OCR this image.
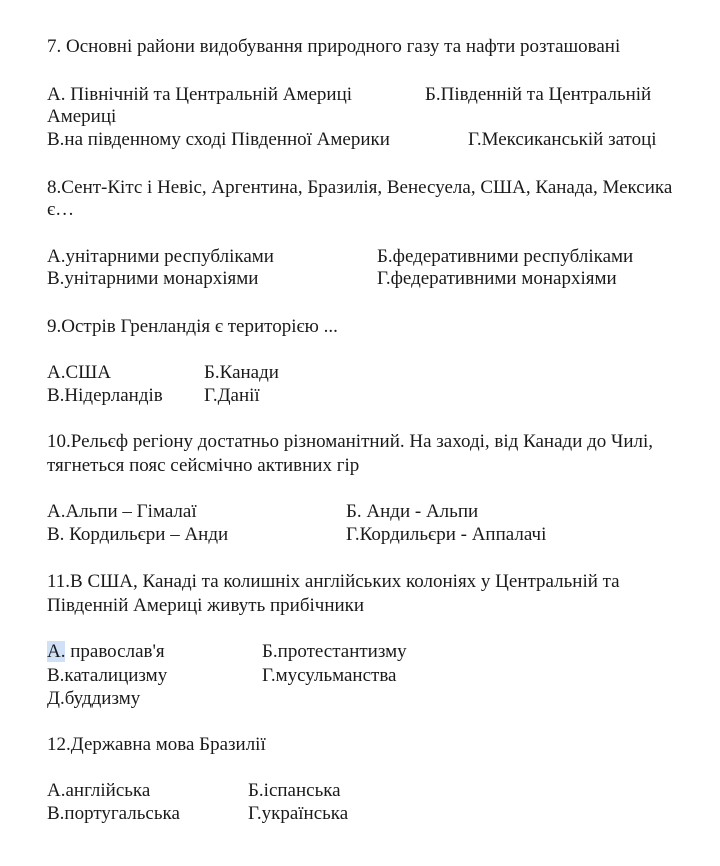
7. Основні райони видобування природного газу та нафти розташовані
А. Північній та Центральній Америці	Б.Південній та Центральній
Америці
В.на південному сході Південної Америки	Г.Мексиканській затоці
8.Сент-Кітс і Невіс, Аргентина, Бразилія, Венесуела, США, Канада, Мексика
є…
А.унітарними республіками	Б.федеративними республіками
В.унітарними монархіями	Г.федеративними монархіями
9.Острів Гренландія є територією ...
А.США	Б.Канади
В.Нідерландів Г.Данії
10.Рельєф регіону достатньо різноманітний. На заході, від Канади до Чилі,
тягнеться пояс сейсмічно активних гір
А.Альпи – Гімалаї	Б. Анди - Альпи
В. Кордильєри – Анди	Г.Кордильєри - Аппалачі
11.В США, Канаді та колишніх англійських колоніях у Центральній та
Південній Америці живуть прибічники
А. православ'я	Б.протестантизму
В.каталицизму	Г.мусульманства
Д.буддизму
12.Державна мова Бразилії
А.англійська	Б.іспанська
В.португальська	Г.українська
